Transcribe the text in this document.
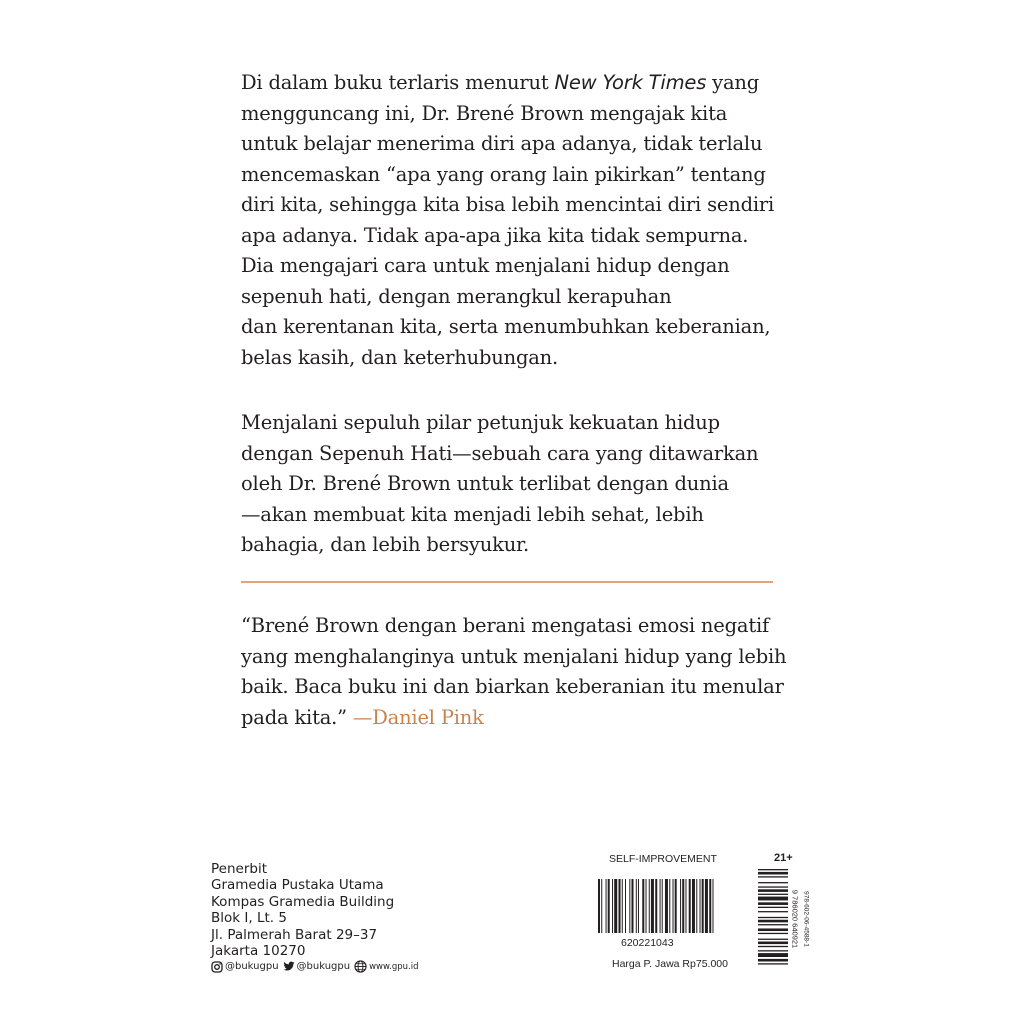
Di dalam buku terlaris menurut New York Times yang
mengguncang ini, Dr. Brené Brown mengajak kita
untuk belajar menerima diri apa adanya, tidak terlalu
mencemaskan “apa yang orang lain pikirkan” tentang
diri kita, sehingga kita bisa lebih mencintai diri sendiri
apa adanya. Tidak apa-apa jika kita tidak sempurna.
Dia mengajari cara untuk menjalani hidup dengan
sepenuh hati, dengan merangkul kerapuhan
dan kerentanan kita, serta menumbuhkan keberanian,
belas kasih, dan keterhubungan.
Menjalani sepuluh pilar petunjuk kekuatan hidup
dengan Sepenuh Hati—sebuah cara yang ditawarkan
oleh Dr. Brené Brown untuk terlibat dengan dunia
—akan membuat kita menjadi lebih sehat, lebih
bahagia, dan lebih bersyukur.
“Brené Brown dengan berani mengatasi emosi negatif
yang menghalanginya untuk menjalani hidup yang lebih
baik. Baca buku ini dan biarkan keberanian itu menular
pada kita.” —Daniel Pink
Penerbit
Gramedia Pustaka Utama
Kompas Gramedia Building
Blok I, Lt. 5
Jl. Palmerah Barat 29–37
Jakarta 10270
@bukugpu @bukugpu www.gpu.id
SELF-IMPROVEMENT	21+
620221043
Harga P. Jawa Rp75.000
9 786020 640921 978-602-06-4588-1
